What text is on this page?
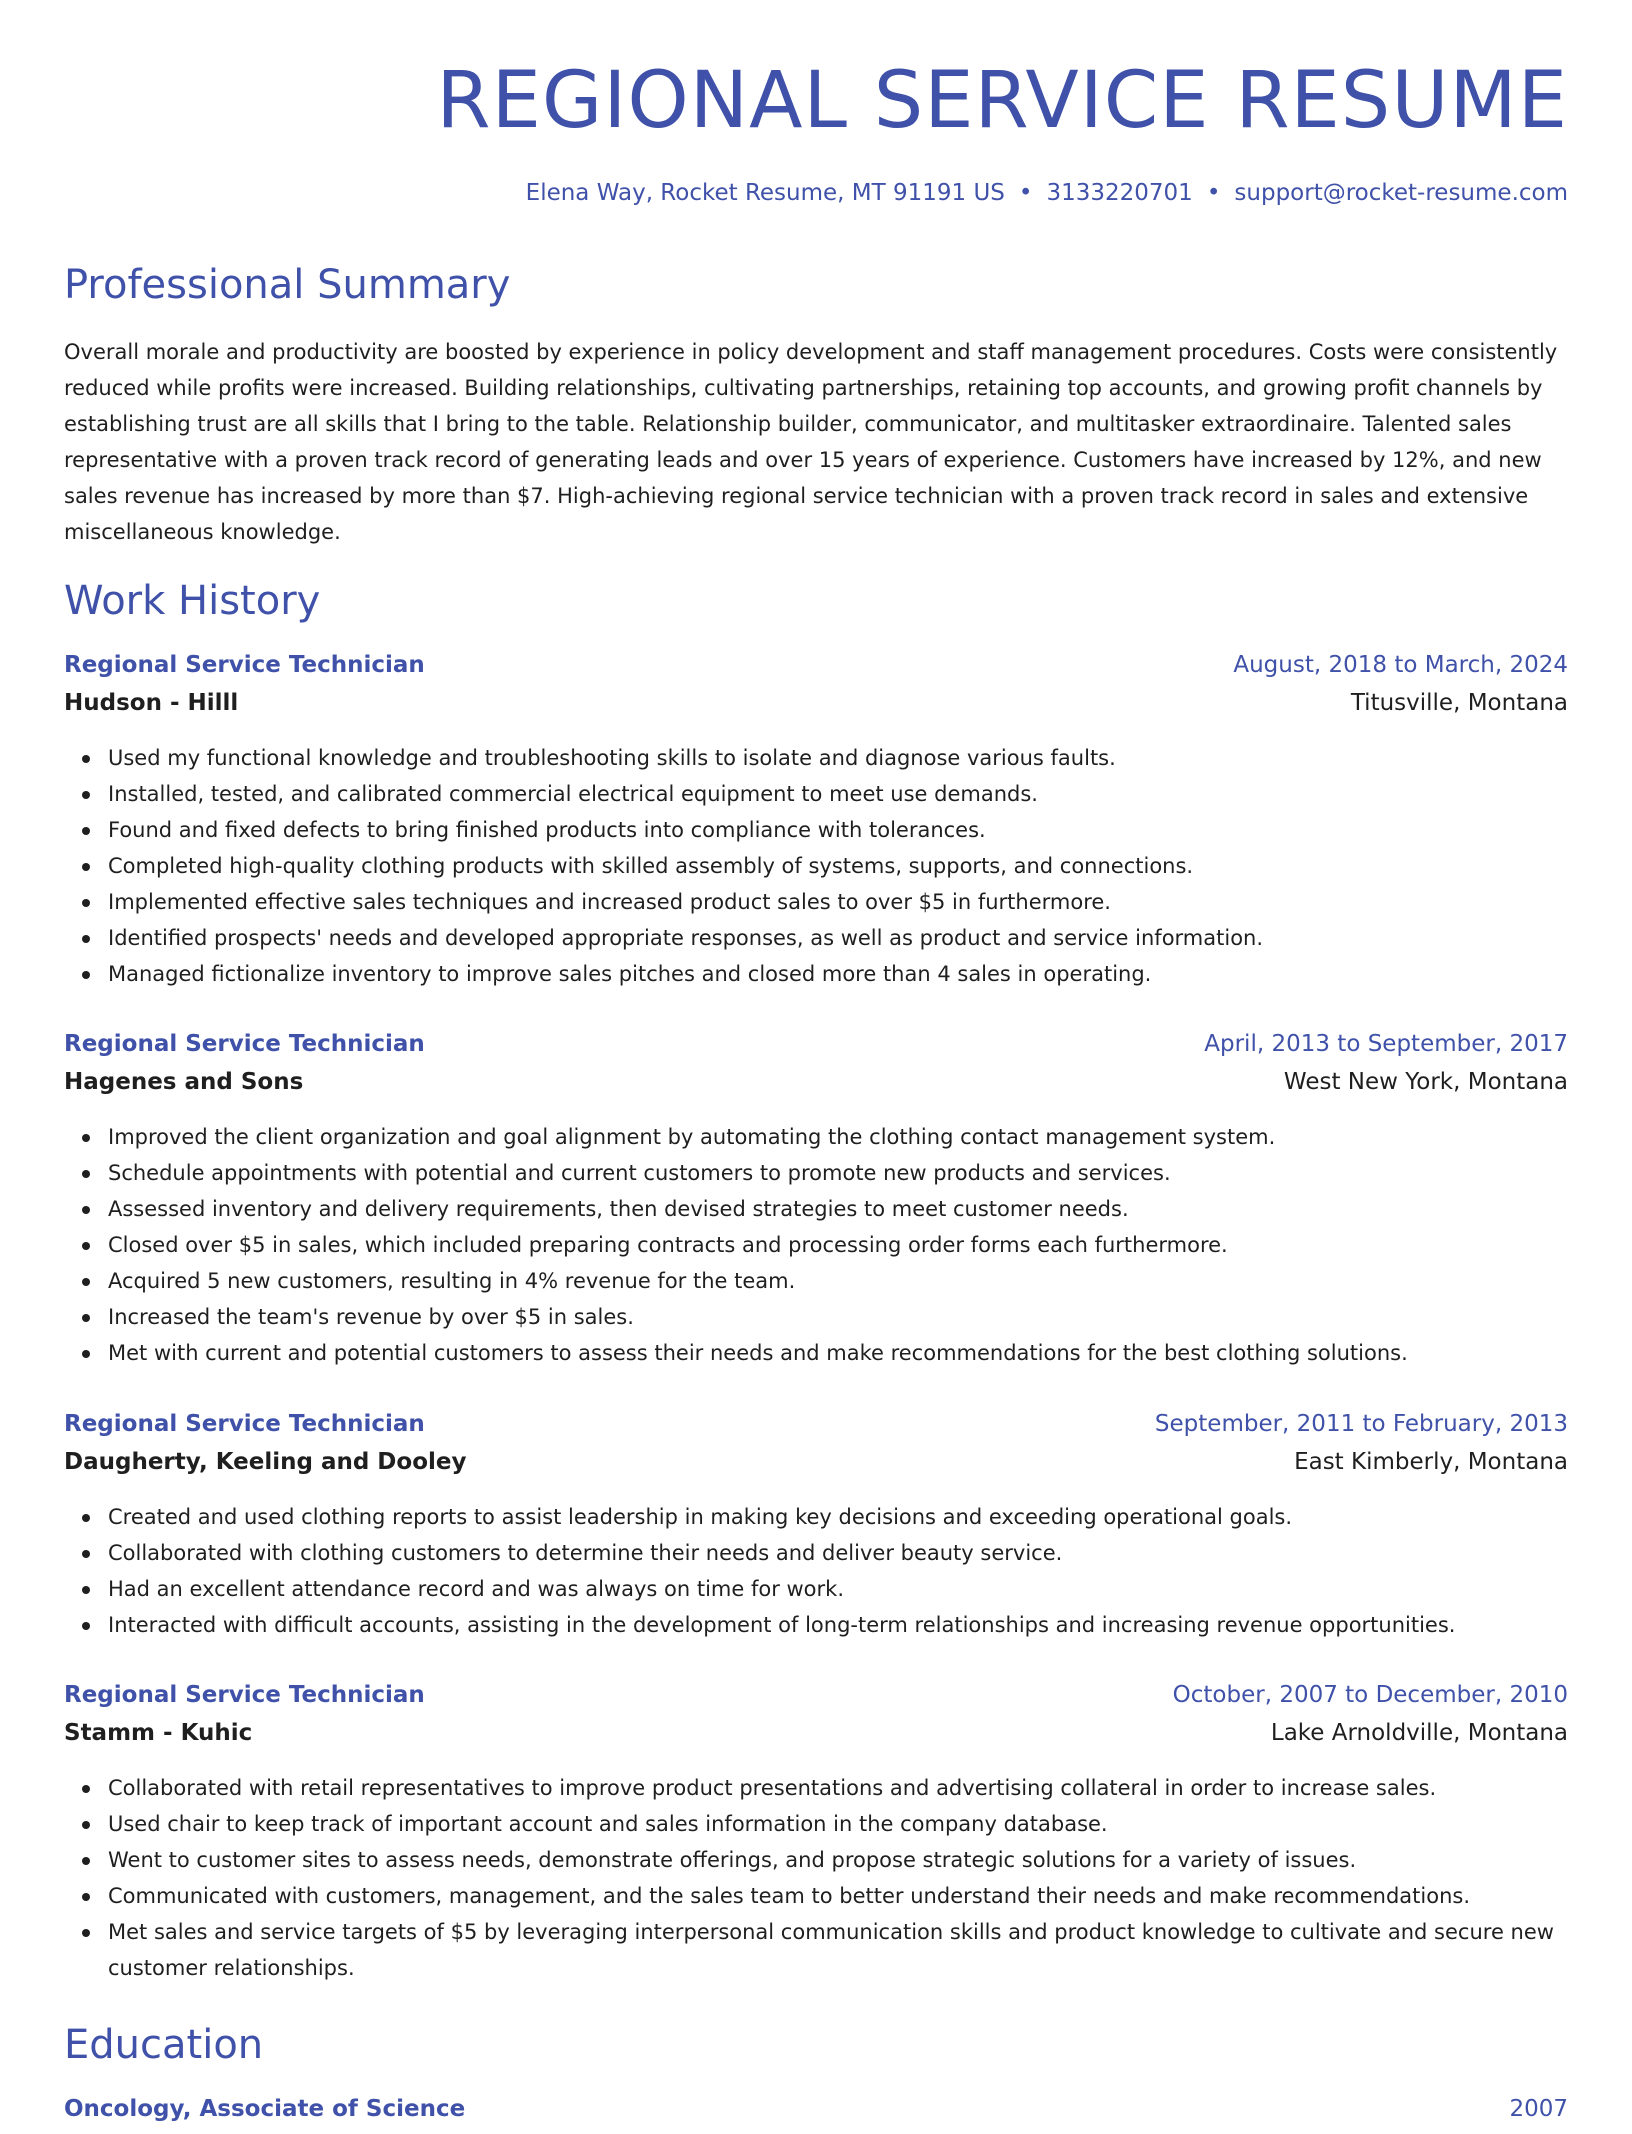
REGIONAL SERVICE RESUME
Elena Way, Rocket Resume, MT 91191 US • 3133220701 • support@rocket-resume.com
Professional Summary

Overall morale and productivity are boosted by experience in policy development and staff management procedures. Costs were consistently reduced while profits were increased. Building relationships, cultivating partnerships, retaining top accounts, and growing profit channels by establishing trust are all skills that I bring to the table. Relationship builder, communicator, and multitasker extraordinaire. Talented sales representative with a proven track record of generating leads and over 15 years of experience. Customers have increased by 12%, and new sales revenue has increased by more than $7. High-achieving regional service technician with a proven track record in sales and extensive miscellaneous knowledge.

Work History
Regional Service Technician	August, 2018 to March, 2024
Hudson - Hilll	Titusville, Montana
Used my functional knowledge and troubleshooting skills to isolate and diagnose various faults.
Installed, tested, and calibrated commercial electrical equipment to meet use demands.
Found and fixed defects to bring finished products into compliance with tolerances.
Completed high-quality clothing products with skilled assembly of systems, supports, and connections.
Implemented effective sales techniques and increased product sales to over $5 in furthermore.
Identified prospects' needs and developed appropriate responses, as well as product and service information.
Managed fictionalize inventory to improve sales pitches and closed more than 4 sales in operating.
Regional Service Technician	April, 2013 to September, 2017
Hagenes and Sons	West New York, Montana
Improved the client organization and goal alignment by automating the clothing contact management system.
Schedule appointments with potential and current customers to promote new products and services.
Assessed inventory and delivery requirements, then devised strategies to meet customer needs.
Closed over $5 in sales, which included preparing contracts and processing order forms each furthermore.
Acquired 5 new customers, resulting in 4% revenue for the team.
Increased the team's revenue by over $5 in sales.
Met with current and potential customers to assess their needs and make recommendations for the best clothing solutions.
Regional Service Technician	September, 2011 to February, 2013
Daugherty, Keeling and Dooley	East Kimberly, Montana
Created and used clothing reports to assist leadership in making key decisions and exceeding operational goals.
Collaborated with clothing customers to determine their needs and deliver beauty service.
Had an excellent attendance record and was always on time for work.
Interacted with difficult accounts, assisting in the development of long-term relationships and increasing revenue opportunities.
Regional Service Technician	October, 2007 to December, 2010
Stamm - Kuhic	Lake Arnoldville, Montana
Collaborated with retail representatives to improve product presentations and advertising collateral in order to increase sales.
Used chair to keep track of important account and sales information in the company database.
Went to customer sites to assess needs, demonstrate offerings, and propose strategic solutions for a variety of issues.
Communicated with customers, management, and the sales team to better understand their needs and make recommendations.
Met sales and service targets of $5 by leveraging interpersonal communication skills and product knowledge to cultivate and secure new customer relationships.
Education
Oncology, Associate of Science	2007
